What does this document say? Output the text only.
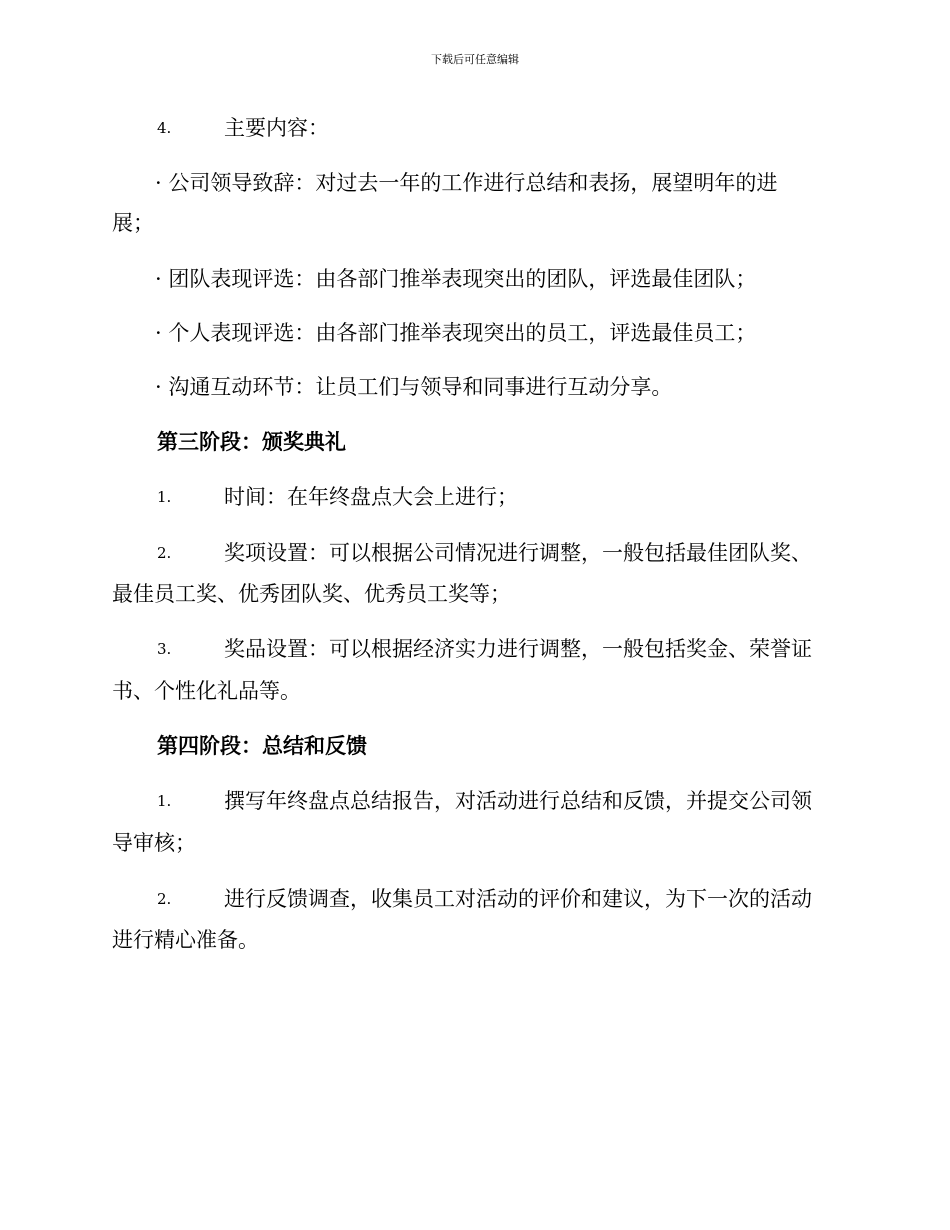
下载后可任意编辑
4.	主要内容：
· 公司领导致辞：对过去一年的工作进行总结和表扬，展望明年的进
展；
· 团队表现评选：由各部门推举表现突出的团队，评选最佳团队；
· 个人表现评选：由各部门推举表现突出的员工，评选最佳员工；
· 沟通互动环节：让员工们与领导和同事进行互动分享。
第三阶段：颁奖典礼
1.	时间：在年终盘点大会上进行；
2.	奖项设置：可以根据公司情况进行调整，一般包括最佳团队奖、
最佳员工奖、优秀团队奖、优秀员工奖等；
3.	奖品设置：可以根据经济实力进行调整，一般包括奖金、荣誉证
书、个性化礼品等。
第四阶段：总结和反馈
1.	撰写年终盘点总结报告，对活动进行总结和反馈，并提交公司领
导审核；
2.	进行反馈调查，收集员工对活动的评价和建议，为下一次的活动
进行精心准备。
